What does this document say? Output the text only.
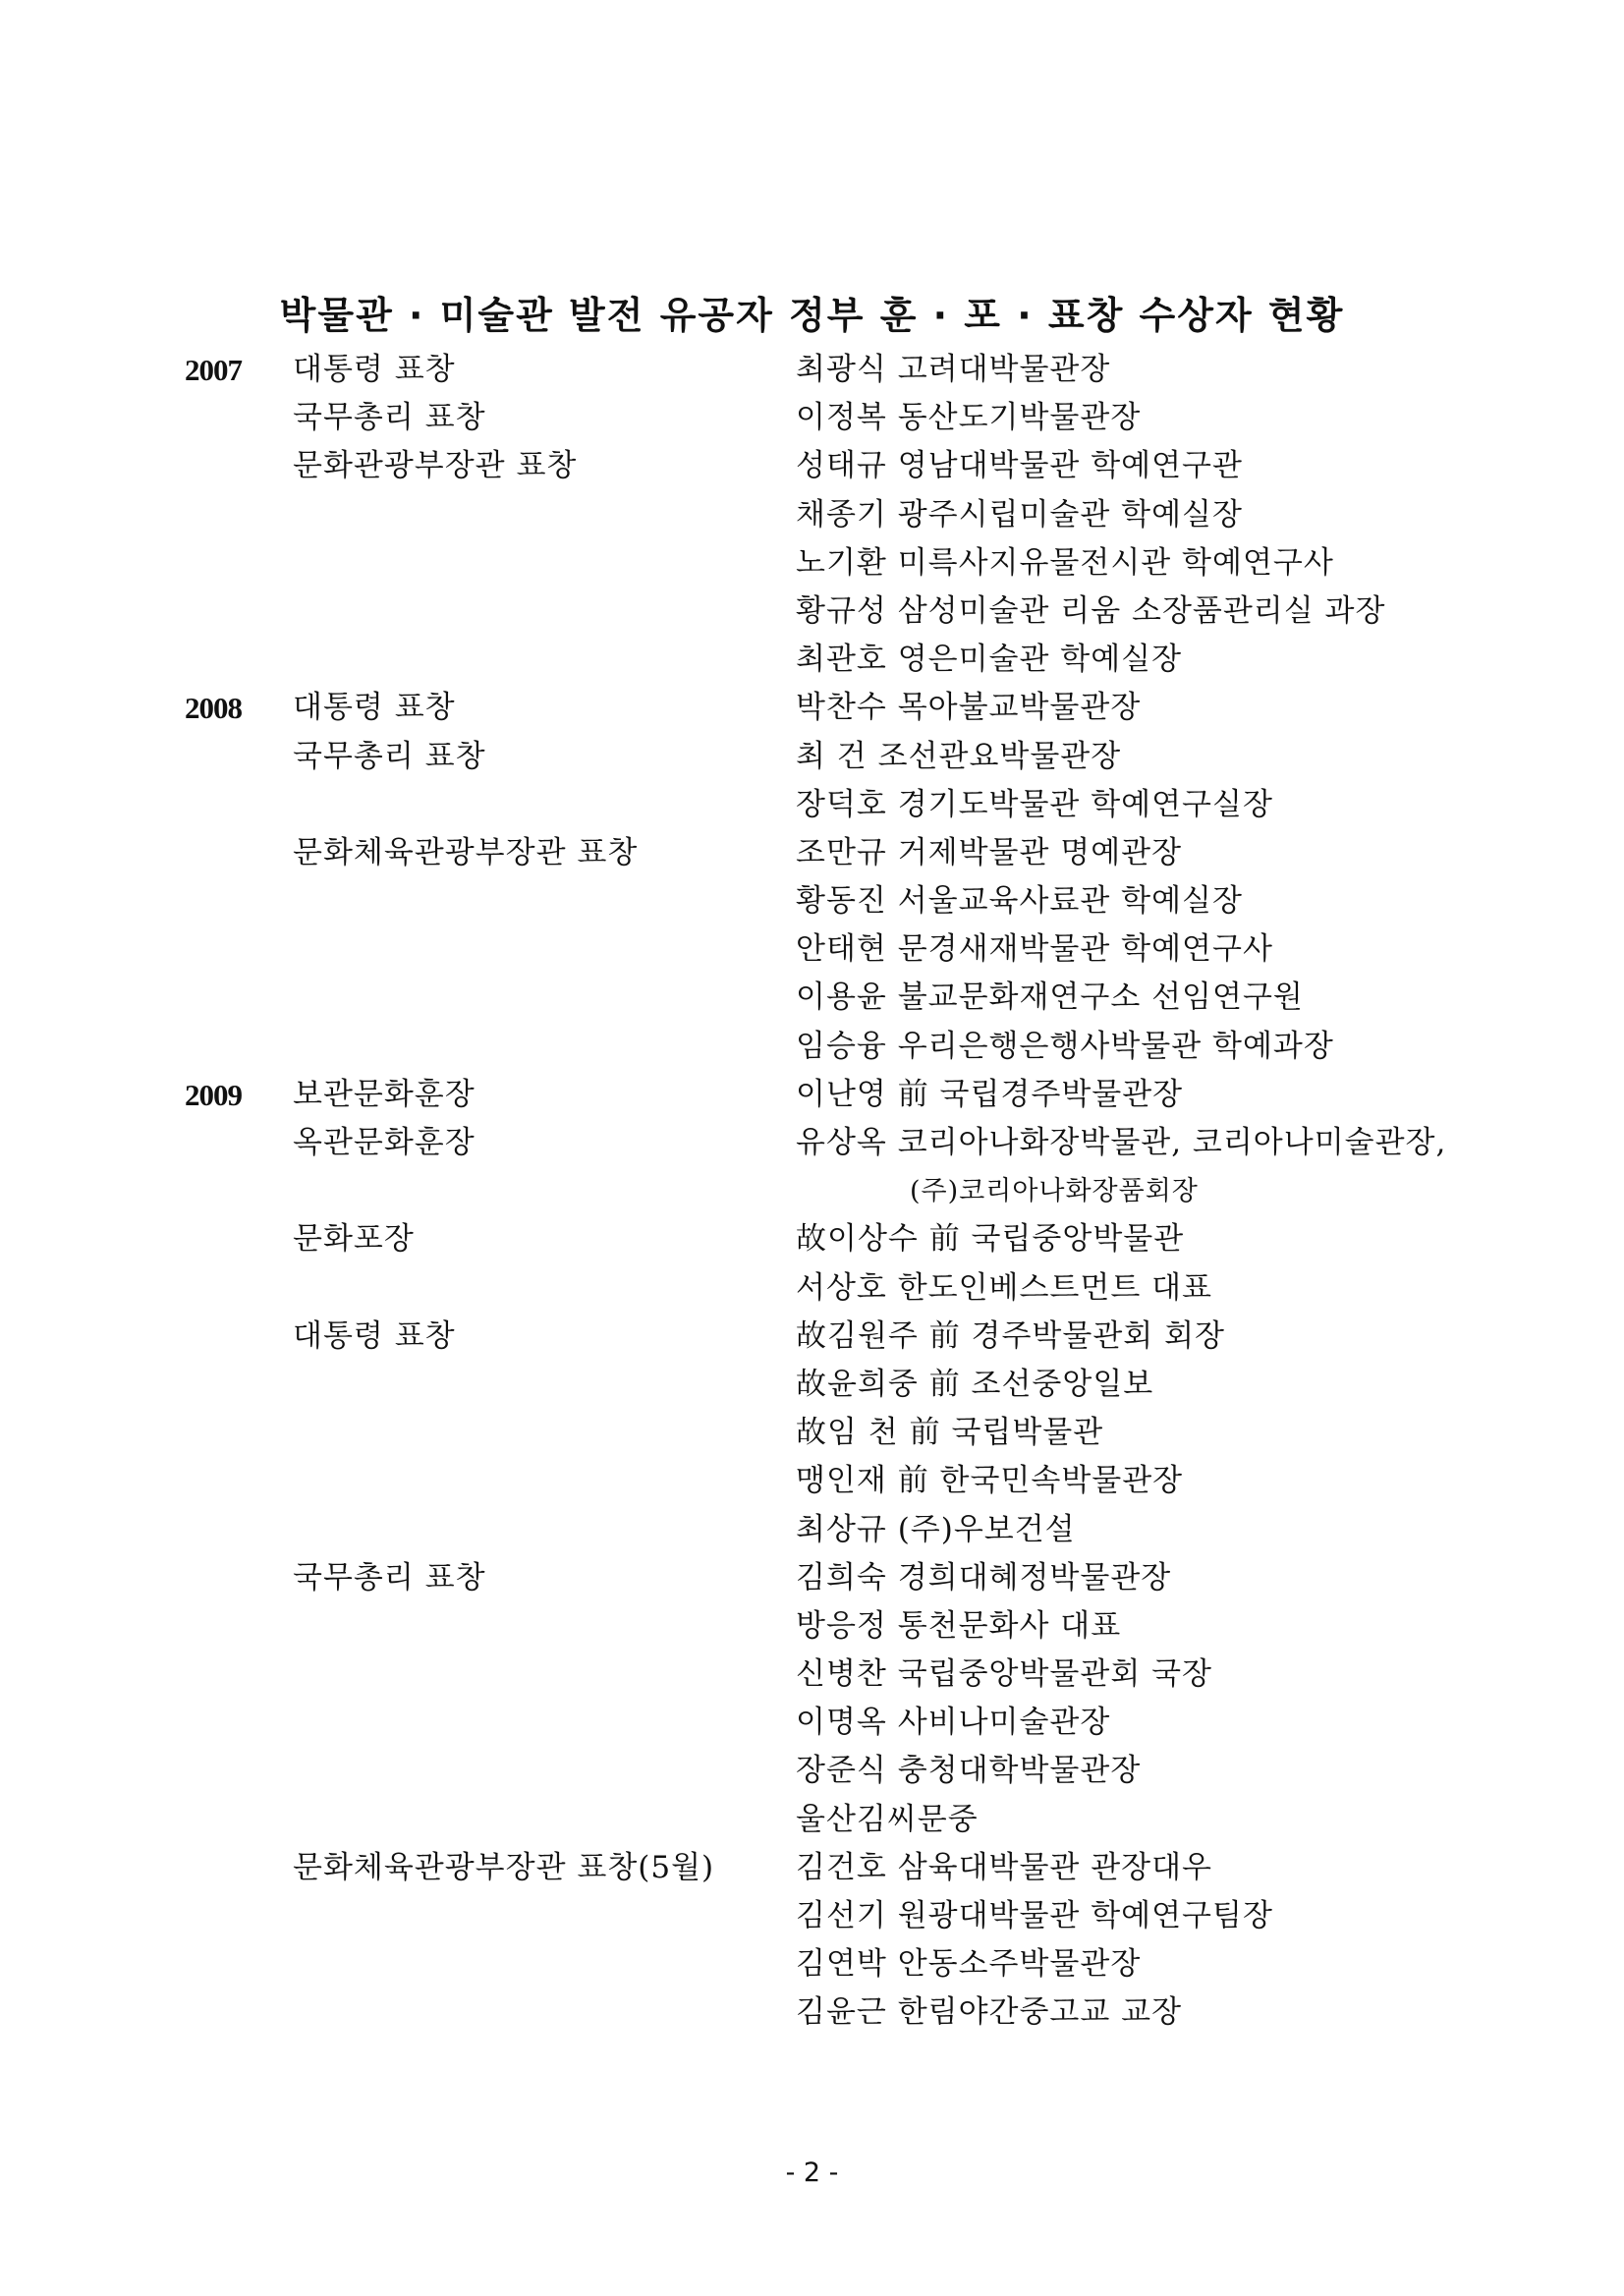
박물관 · 미술관 발전 유공자 정부 훈 · 포 · 표창 수상자 현황
2007 대통령 표창	최광식 고려대박물관장
국무총리 표창	이정복 동산도기박물관장
문화관광부장관 표창	성태규 영남대박물관 학예연구관
채종기 광주시립미술관 학예실장
노기환 미륵사지유물전시관 학예연구사
황규성 삼성미술관 리움 소장품관리실 과장
최관호 영은미술관 학예실장
2008 대통령 표창	박찬수 목아불교박물관장
국무총리 표창	최 건 조선관요박물관장
장덕호 경기도박물관 학예연구실장
문화체육관광부장관 표창	조만규 거제박물관 명예관장
황동진 서울교육사료관 학예실장
안태현 문경새재박물관 학예연구사
이용윤 불교문화재연구소 선임연구원
임승융 우리은행은행사박물관 학예과장
2009 보관문화훈장	이난영 前 국립경주박물관장
옥관문화훈장	유상옥 코리아나화장박물관, 코리아나미술관장,
(주)코리아나화장품회장
문화포장	故이상수 前 국립중앙박물관
서상호 한도인베스트먼트 대표
대통령 표창	故김원주 前 경주박물관회 회장
故윤희중 前 조선중앙일보
故임 천 前 국립박물관
맹인재 前 한국민속박물관장
최상규 (주)우보건설
국무총리 표창	김희숙 경희대혜정박물관장
방응정 통천문화사 대표
신병찬 국립중앙박물관회 국장
이명옥 사비나미술관장
장준식 충청대학박물관장
울산김씨문중
문화체육관광부장관 표창(5월)	김건호 삼육대박물관 관장대우
김선기 원광대박물관 학예연구팀장
김연박 안동소주박물관장
김윤근 한림야간중고교 교장
- 2 -
